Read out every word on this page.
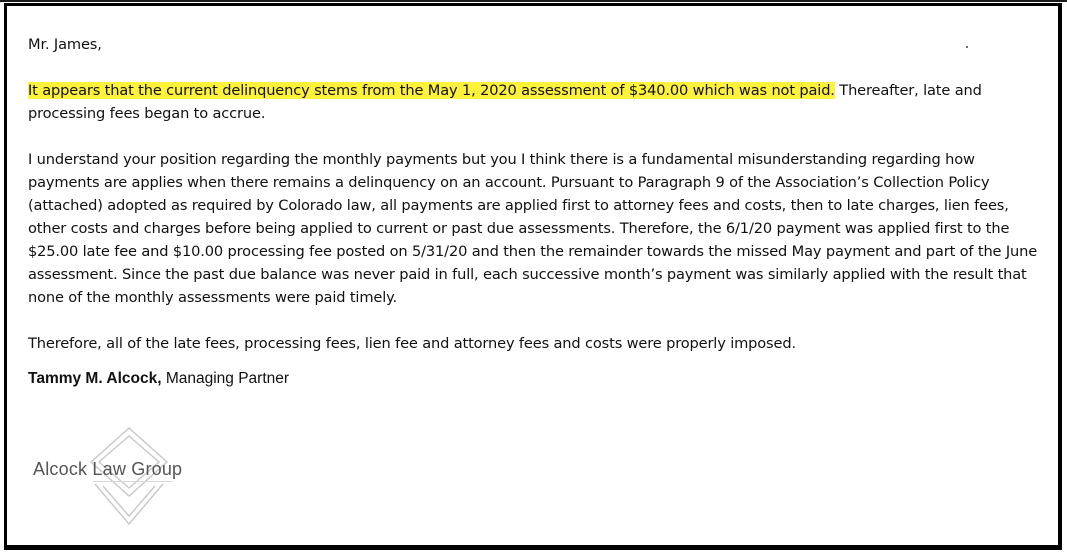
Mr. James,

It appears that the current delinquency stems from the May 1, 2020 assessment of $340.00 which was not paid. Thereafter, late and processing fees began to accrue.

I understand your position regarding the monthly payments but you I think there is a fundamental misunderstanding regarding how payments are applies when there remains a delinquency on an account. Pursuant to Paragraph 9 of the Association’s Collection Policy (attached) adopted as required by Colorado law, all payments are applied first to attorney fees and costs, then to late charges, lien fees, other costs and charges before being applied to current or past due assessments. Therefore, the 6/1/20 payment was applied first to the $25.00 late fee and $10.00 processing fee posted on 5/31/20 and then the remainder towards the missed May payment and part of the June assessment. Since the past due balance was never paid in full, each successive month’s payment was similarly applied with the result that none of the monthly assessments were paid timely.

Therefore, all of the late fees, processing fees, lien fee and attorney fees and costs were properly imposed.

Tammy M. Alcock, Managing Partner
Alcock Law Group
